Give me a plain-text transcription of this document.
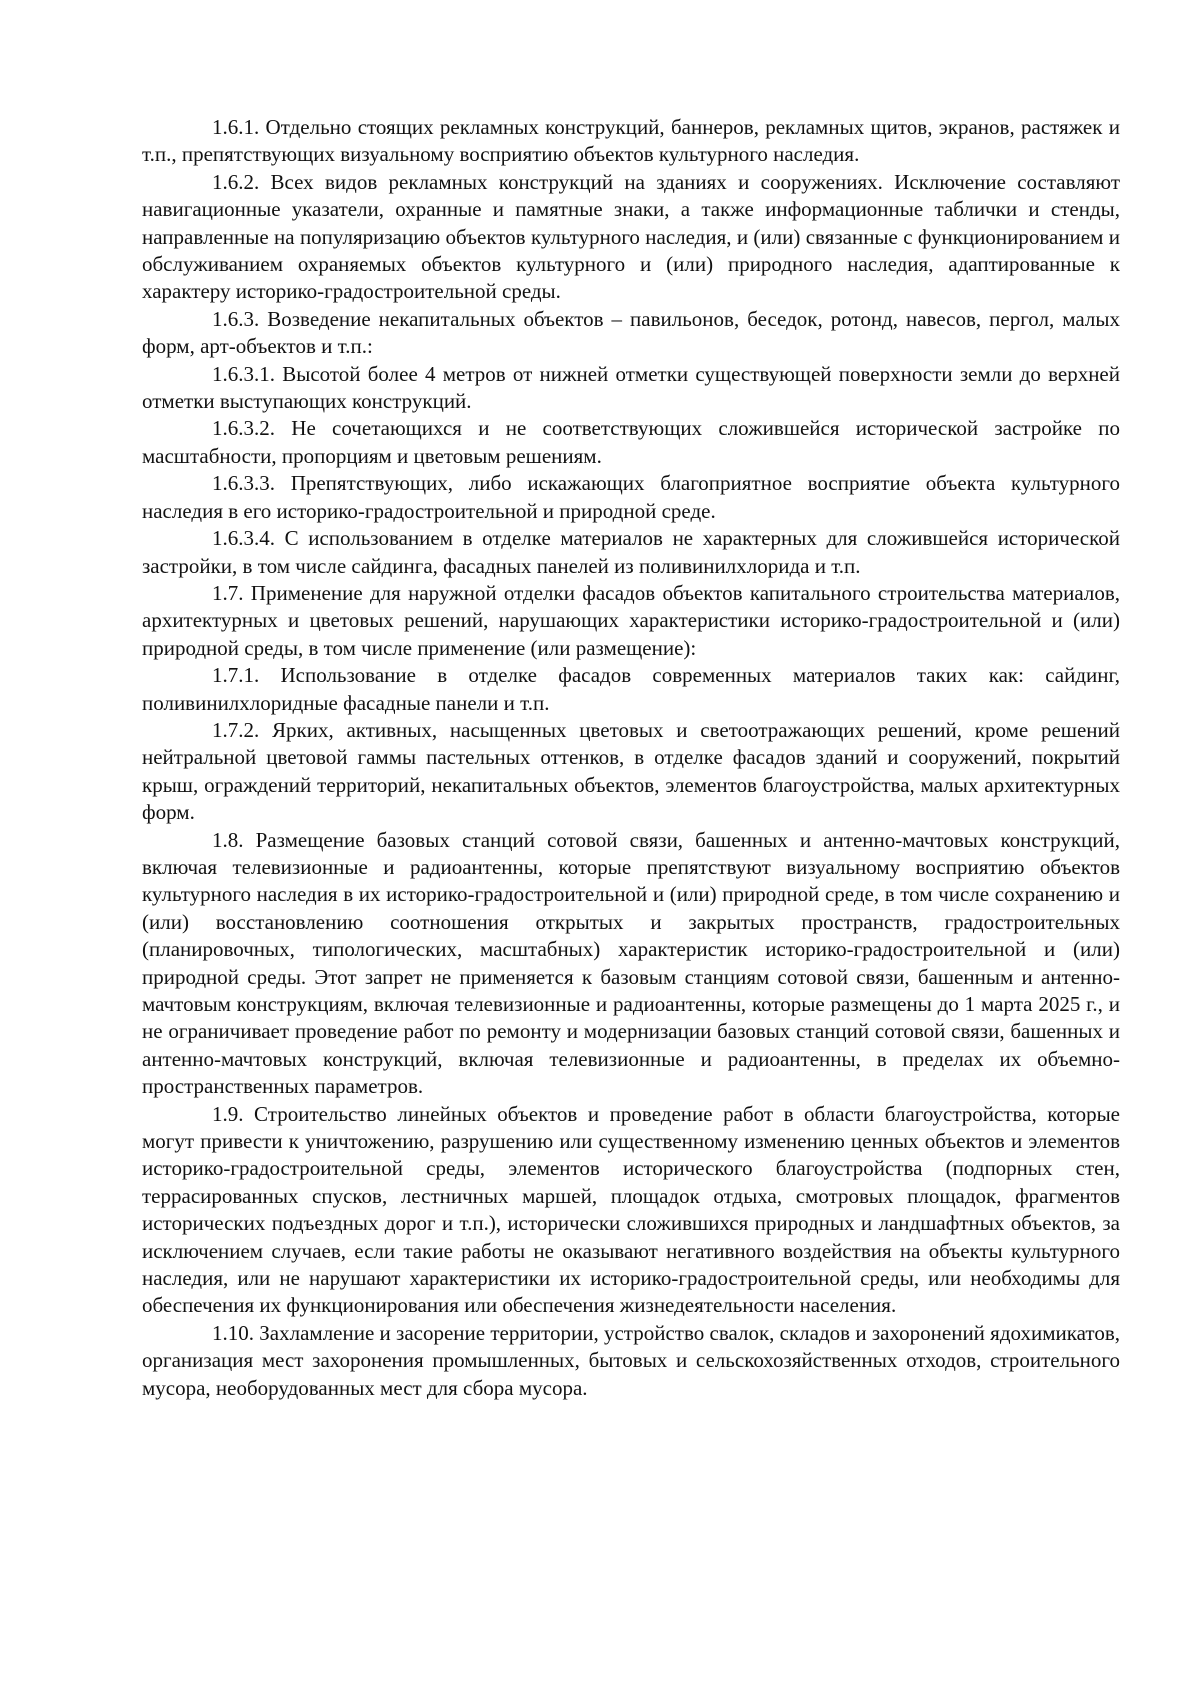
1.6.1. Отдельно стоящих рекламных конструкций, баннеров, рекламных щитов, экранов, растяжек и т.п., препятствующих визуальному восприятию объектов культурного наследия.

1.6.2. Всех видов рекламных конструкций на зданиях и сооружениях. Исключение составляют навигационные указатели, охранные и памятные знаки, а также информационные таблички и стенды, направленные на популяризацию объектов культурного наследия, и (или) связанные с функционированием и обслуживанием охраняемых объектов культурного и (или) природного наследия, адаптированные к характеру историко-градостроительной среды.

1.6.3. Возведение некапитальных объектов – павильонов, беседок, ротонд, навесов, пергол, малых форм, арт-объектов и т.п.:

1.6.3.1. Высотой более 4 метров от нижней отметки существующей поверхности земли до верхней отметки выступающих конструкций.

1.6.3.2. Не сочетающихся и не соответствующих сложившейся исторической застройке по масштабности, пропорциям и цветовым решениям.

1.6.3.3. Препятствующих, либо искажающих благоприятное восприятие объекта культурного наследия в его историко-градостроительной и природной среде.

1.6.3.4. С использованием в отделке материалов не характерных для сложившейся исторической застройки, в том числе сайдинга, фасадных панелей из поливинилхлорида и т.п.

1.7. Применение для наружной отделки фасадов объектов капитального строительства материалов, архитектурных и цветовых решений, нарушающих характеристики историко-градостроительной и (или) природной среды, в том числе применение (или размещение):

1.7.1. Использование в отделке фасадов современных материалов таких как: сайдинг, поливинилхлоридные фасадные панели и т.п.

1.7.2. Ярких, активных, насыщенных цветовых и светоотражающих решений, кроме решений нейтральной цветовой гаммы пастельных оттенков, в отделке фасадов зданий и сооружений, покрытий крыш, ограждений территорий, некапитальных объектов, элементов благоустройства, малых архитектурных форм.

1.8. Размещение базовых станций сотовой связи, башенных и антенно-мачтовых конструкций, включая телевизионные и радиоантенны, которые препятствуют визуальному восприятию объектов культурного наследия в их историко-градостроительной и (или) природной среде, в том числе сохранению и (или) восстановлению соотношения открытых и закрытых пространств, градостроительных (планировочных, типологических, масштабных) характеристик историко-градостроительной и (или) природной среды. Этот запрет не применяется к базовым станциям сотовой связи, башенным и антенно-мачтовым конструкциям, включая телевизионные и радиоантенны, которые размещены до 1 марта 2025 г., и не ограничивает проведение работ по ремонту и модернизации базовых станций сотовой связи, башенных и антенно-мачтовых конструкций, включая телевизионные и радиоантенны, в пределах их объемно-пространственных параметров.

1.9. Строительство линейных объектов и проведение работ в области благоустройства, которые могут привести к уничтожению, разрушению или существенному изменению ценных объектов и элементов историко-градостроительной среды, элементов исторического благоустройства (подпорных стен, террасированных спусков, лестничных маршей, площадок отдыха, смотровых площадок, фрагментов исторических подъездных дорог и т.п.), исторически сложившихся природных и ландшафтных объектов, за исключением случаев, если такие работы не оказывают негативного воздействия на объекты культурного наследия, или не нарушают характеристики их историко-градостроительной среды, или необходимы для обеспечения их функционирования или обеспечения жизнедеятельности населения.

1.10. Захламление и засорение территории, устройство свалок, складов и захоронений ядохимикатов, организация мест захоронения промышленных, бытовых и сельскохозяйственных отходов, строительного мусора, необорудованных мест для сбора мусора.
